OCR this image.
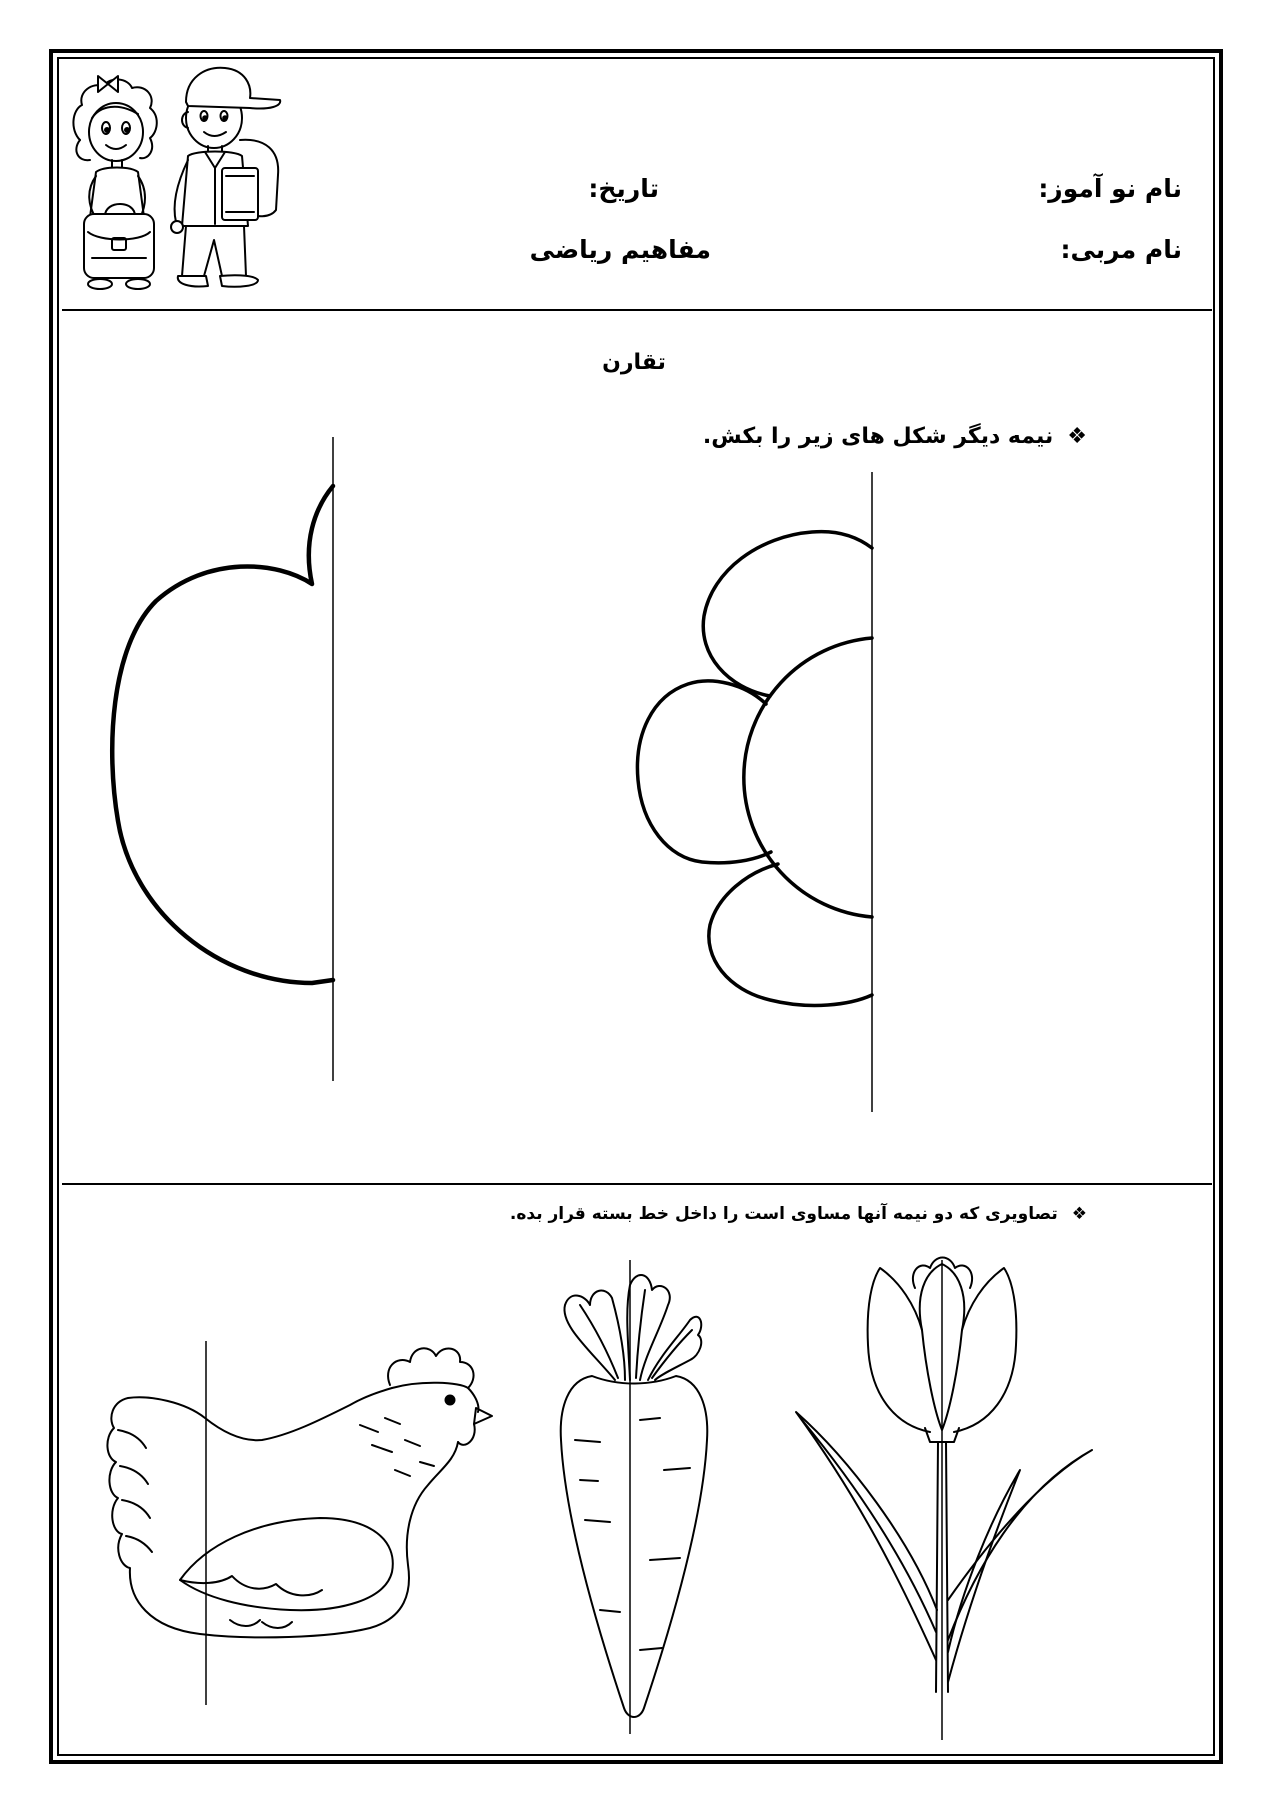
نام نو آموز:
نام مربی:
تاریخ:
مفاهیم ریاضی
تقارن
❖
نیمه دیگر شکل های زیر را بکش.
❖
تصاویری که دو نیمه آنها مساوی است را داخل خط بسته قرار بده.
